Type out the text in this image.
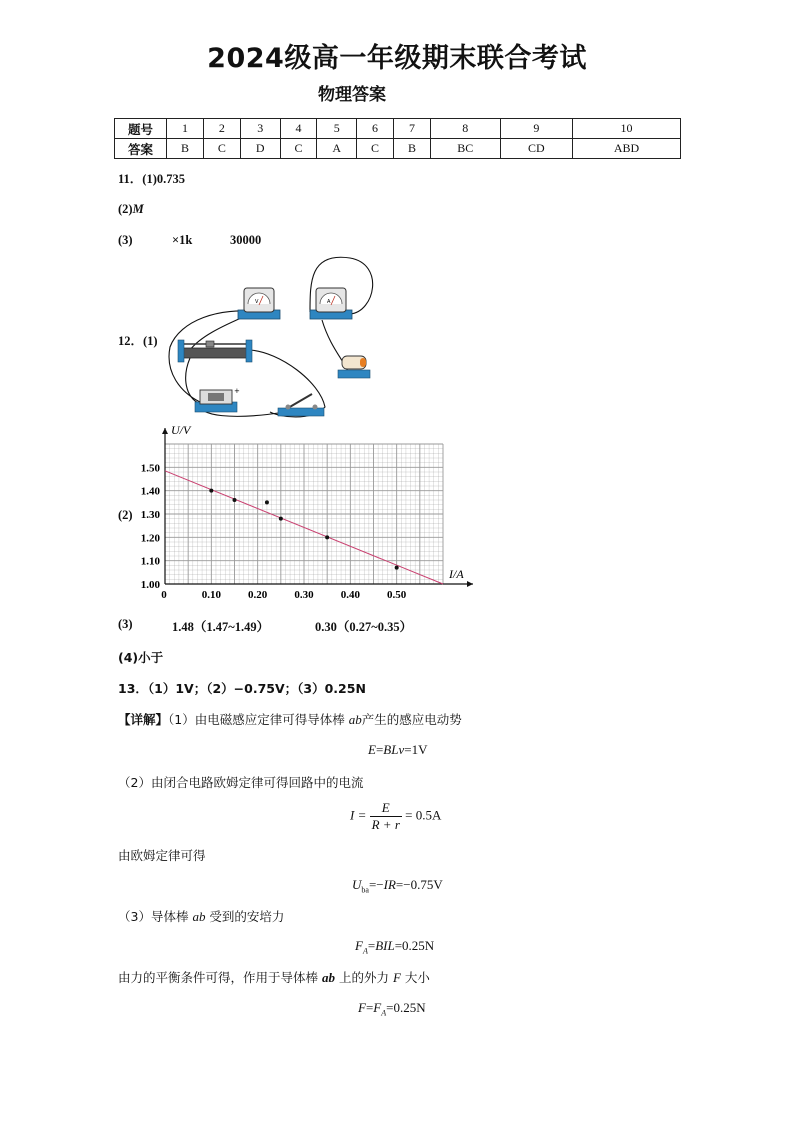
2024级高一年级期末联合考试
物理答案
题号	1	2	3	4	5	6	7	8	9	10
答案	B	C	D	C	A	C	B	BC	CD	ABD
11．(1)0.735
(2)M
(3)	×1k	30000
12．(1)
V	A
+
(2)
0	0.10 0.20 0.30 0.40 0.50
1.00
1.10
1.20
1.30
1.40
1.50
I/A
U/V
(3)	1.48（1.47~1.49）	0.30（0.27~0.35）
(4)小于
13．（1）1V；（2）−0.75V；（3）0.25N
【详解】（1）由电磁感应定律可得导体棒 ab产生的感应电动势
E=BLv=1V
（2）由闭合电路欧姆定律可得回路中的电流
$I = \frac{E}{R + r} = 0.5A$
由欧姆定律可得
$U_{ba}=-IR=-0.75V$
（3）导体棒 ab 受到的安培力
$F_A=BIL=0.25N$
由力的平衡条件可得，作用于导体棒 ab 上的外力 F 大小
$F=F_A=0.25N$
